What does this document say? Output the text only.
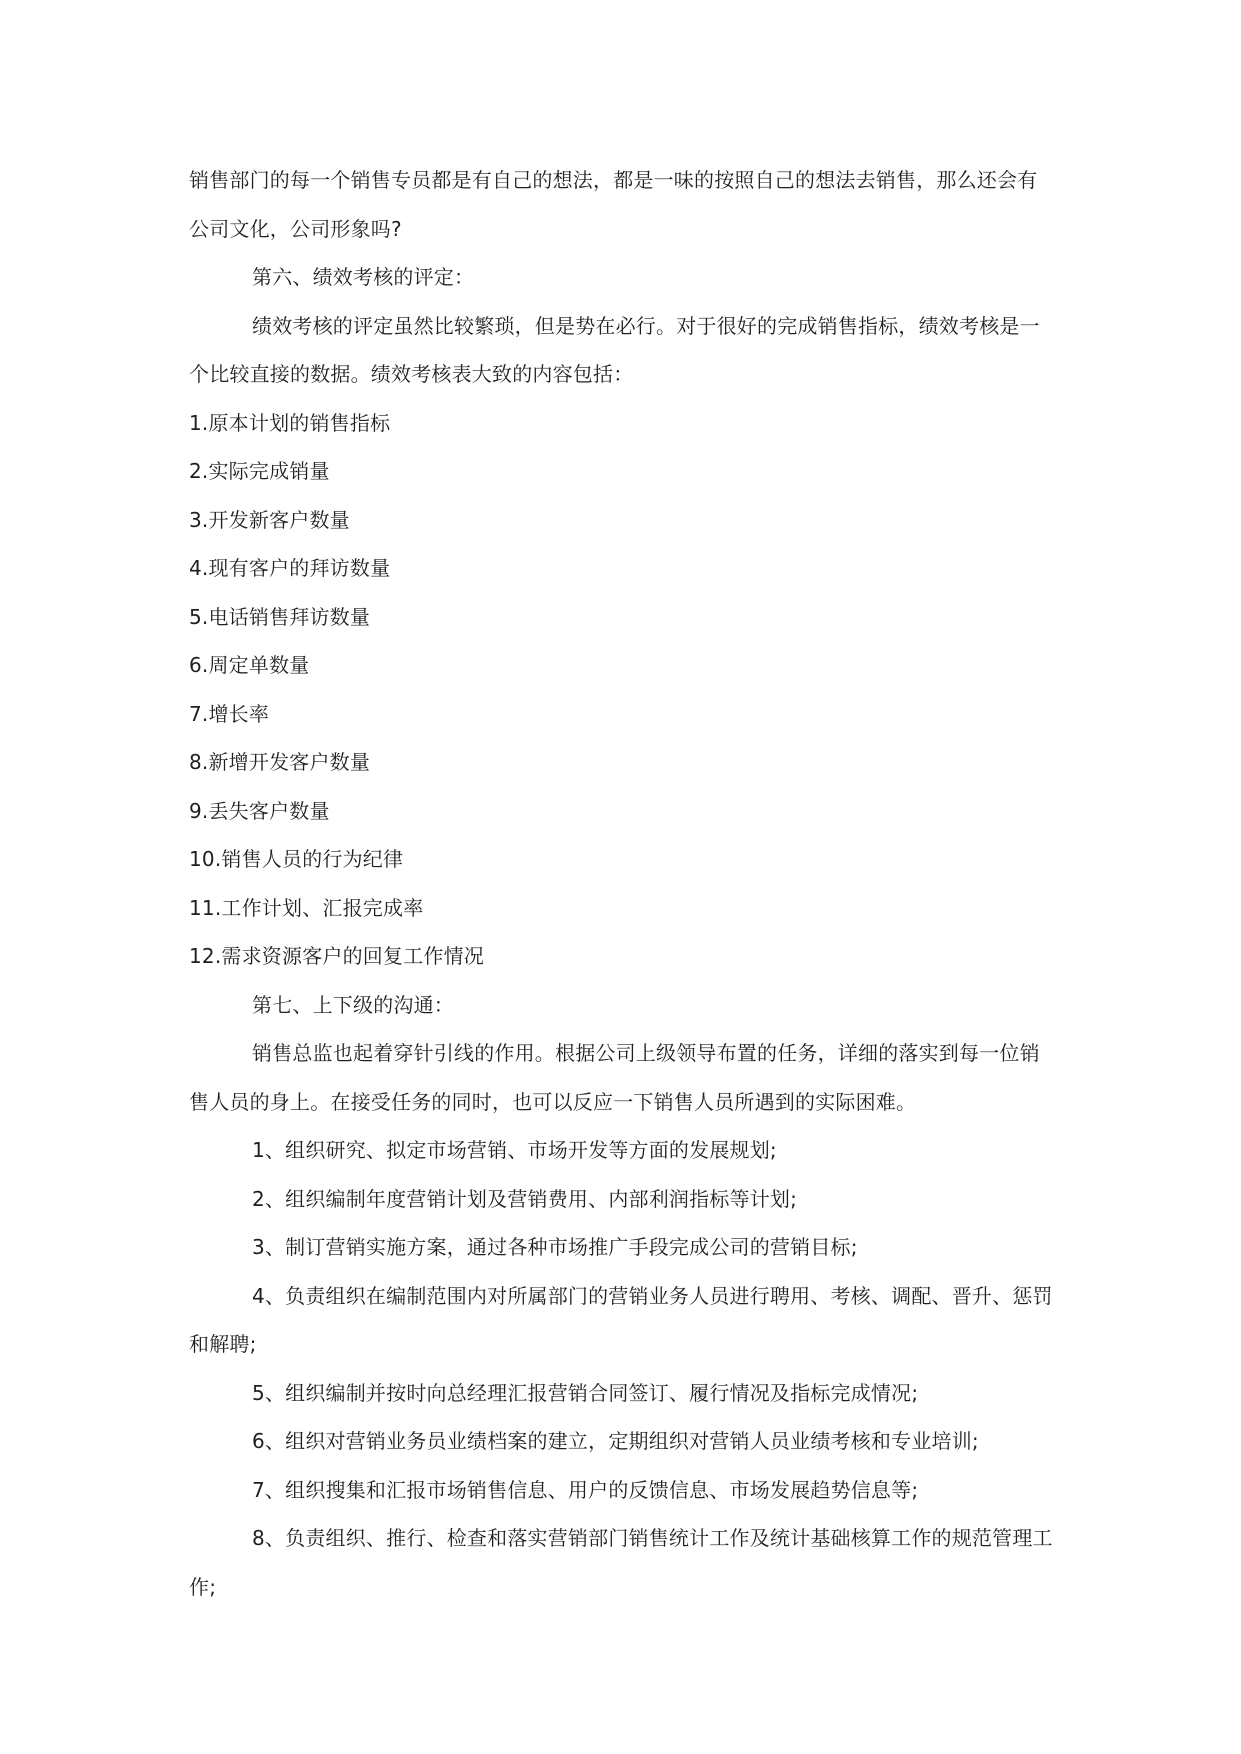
销售部门的每一个销售专员都是有自己的想法，都是一味的按照自己的想法去销售，那么还会有公司文化，公司形象吗?

第六、绩效考核的评定：

绩效考核的评定虽然比较繁琐，但是势在必行。对于很好的完成销售指标，绩效考核是一个比较直接的数据。绩效考核表大致的内容包括：

1.原本计划的销售指标

2.实际完成销量

3.开发新客户数量

4.现有客户的拜访数量

5.电话销售拜访数量

6.周定单数量

7.增长率

8.新增开发客户数量

9.丢失客户数量

10.销售人员的行为纪律

11.工作计划、汇报完成率

12.需求资源客户的回复工作情况

第七、上下级的沟通：

销售总监也起着穿针引线的作用。根据公司上级领导布置的任务，详细的落实到每一位销售人员的身上。在接受任务的同时，也可以反应一下销售人员所遇到的实际困难。

1、组织研究、拟定市场营销、市场开发等方面的发展规划;

2、组织编制年度营销计划及营销费用、内部利润指标等计划;

3、制订营销实施方案，通过各种市场推广手段完成公司的营销目标;

4、负责组织在编制范围内对所属部门的营销业务人员进行聘用、考核、调配、晋升、惩罚和解聘;

5、组织编制并按时向总经理汇报营销合同签订、履行情况及指标完成情况;

6、组织对营销业务员业绩档案的建立，定期组织对营销人员业绩考核和专业培训;

7、组织搜集和汇报市场销售信息、用户的反馈信息、市场发展趋势信息等;

8、负责组织、推行、检查和落实营销部门销售统计工作及统计基础核算工作的规范管理工作;
